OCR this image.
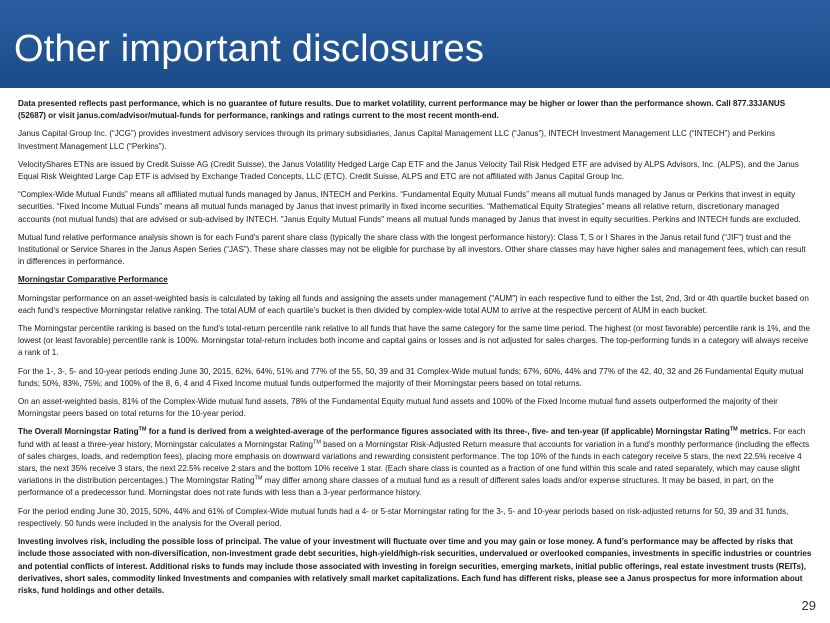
Other important disclosures

Data presented reflects past performance, which is no guarantee of future results. Due to market volatility, current performance may be higher or lower than the performance shown. Call 877.33JANUS (52687) or visit janus.com/advisor/mutual-funds for performance, rankings and ratings current to the most recent month-end.

Janus Capital Group Inc. (“JCG”) provides investment advisory services through its primary subsidiaries, Janus Capital Management LLC (“Janus”), INTECH Investment Management LLC (“INTECH”) and Perkins Investment Management LLC (“Perkins”).

VelocityShares ETNs are issued by Credit Suisse AG (Credit Suisse), the Janus Volatility Hedged Large Cap ETF and the Janus Velocity Tail Risk Hedged ETF are advised by ALPS Advisors, Inc. (ALPS), and the Janus Equal Risk Weighted Large Cap ETF is advised by Exchange Traded Concepts, LLC (ETC). Credit Suisse, ALPS and ETC are not affiliated with Janus Capital Group Inc.

“Complex-Wide Mutual Funds” means all affiliated mutual funds managed by Janus, INTECH and Perkins. “Fundamental Equity Mutual Funds” means all mutual funds managed by Janus or Perkins that invest in equity securities. “Fixed Income Mutual Funds” means all mutual funds managed by Janus that invest primarily in fixed income securities. “Mathematical Equity Strategies” means all relative return, discretionary managed accounts (not mutual funds) that are advised or sub-advised by INTECH. "Janus Equity Mutual Funds" means all mutual funds managed by Janus that invest in equity securities. Perkins and INTECH funds are excluded.

Mutual fund relative performance analysis shown is for each Fund's parent share class (typically the share class with the longest performance history): Class T, S or I Shares in the Janus retail fund (“JIF”) trust and the Institutional or Service Shares in the Janus Aspen Series (“JAS”). These share classes may not be eligible for purchase by all investors. Other share classes may have higher sales and management fees, which can result in differences in performance.

Morningstar Comparative Performance

Morningstar performance on an asset-weighted basis is calculated by taking all funds and assigning the assets under management ("AUM") in each respective fund to either the 1st, 2nd, 3rd or 4th quartile bucket based on each fund's respective Morningstar relative ranking. The total AUM of each quartile’s bucket is then divided by complex-wide total AUM to arrive at the respective percent of AUM in each bucket.

The Morningstar percentile ranking is based on the fund’s total-return percentile rank relative to all funds that have the same category for the same time period. The highest (or most favorable) percentile rank is 1%, and the lowest (or least favorable) percentile rank is 100%. Morningstar total-return includes both income and capital gains or losses and is not adjusted for sales charges. The top-performing funds in a category will always receive a rank of 1.

For the 1-, 3-, 5- and 10-year periods ending June 30, 2015, 62%, 64%, 51% and 77% of the 55, 50, 39 and 31 Complex-Wide mutual funds; 67%, 60%, 44% and 77% of the 42, 40, 32 and 26 Fundamental Equity mutual funds; 50%, 83%, 75%; and 100% of the 8, 6, 4 and 4 Fixed Income mutual funds outperformed the majority of their Morningstar peers based on total returns.

On an asset-weighted basis, 81% of the Complex-Wide mutual fund assets, 78% of the Fundamental Equity mutual fund assets and 100% of the Fixed Income mutual fund assets outperformed the majority of their Morningstar peers based on total returns for the 10-year period.

The Overall Morningstar Rating™ for a fund is derived from a weighted-average of the performance figures associated with its three-, five- and ten-year (if applicable) Morningstar Rating™ metrics. For each fund with at least a three-year history, Morningstar calculates a Morningstar Rating™ based on a Morningstar Risk-Adjusted Return measure that accounts for variation in a fund’s monthly performance (including the effects of sales charges, loads, and redemption fees), placing more emphasis on downward variations and rewarding consistent performance. The top 10% of the funds in each category receive 5 stars, the next 22.5% receive 4 stars, the next 35% receive 3 stars, the next 22.5% receive 2 stars and the bottom 10% receive 1 star. (Each share class is counted as a fraction of one fund within this scale and rated separately, which may cause slight variations in the distribution percentages.) The Morningstar Rating™ may differ among share classes of a mutual fund as a result of different sales loads and/or expense structures. It may be based, in part, on the performance of a predecessor fund. Morningstar does not rate funds with less than a 3-year performance history.

For the period ending June 30, 2015, 50%, 44% and 61% of Complex-Wide mutual funds had a 4- or 5-star Morningstar rating for the 3-, 5- and 10-year periods based on risk-adjusted returns for 50, 39 and 31 funds, respectively. 50 funds were included in the analysis for the Overall period.

Investing involves risk, including the possible loss of principal. The value of your investment will fluctuate over time and you may gain or lose money. A fund’s performance may be affected by risks that include those associated with non-diversification, non-investment grade debt securities, high-yield/high-risk securities, undervalued or overlooked companies, investments in specific industries or countries and potential conflicts of interest. Additional risks to funds may include those associated with investing in foreign securities, emerging markets, initial public offerings, real estate investment trusts (REITs), derivatives, short sales, commodity linked Investments and companies with relatively small market capitalizations. Each fund has different risks, please see a Janus prospectus for more information about risks, fund holdings and other details.

29
